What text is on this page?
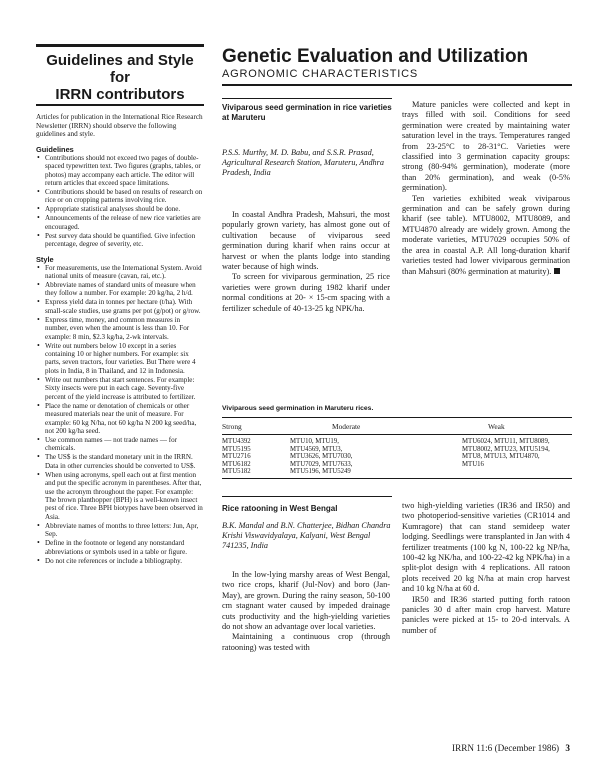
Guidelines and Style
for
IRRN contributors
Articles for publication in the International Rice Research Newsletter (IRRN) should observe the following guidelines and style.
Guidelines
• Contributions should not exceed two pages of double-spaced typewritten text. Two figures (graphs, tables, or photos) may accompany each article. The editor will return articles that exceed space limitations.
• Contributions should be based on results of research on rice or on cropping patterns involving rice.
• Appropriate statistical analyses should be done.
• Announcements of the release of new rice varieties are encouraged.
• Pest survey data should be quantified. Give infection percentage, degree of severity, etc.
Style
• For measurements, use the International System. Avoid national units of measure (cavan, rai, etc.).
• Abbreviate names of standard units of measure when they follow a number. For example: 20 kg/ha, 2 h/d.
• Express yield data in tonnes per hectare (t/ha). With small-scale studies, use grams per pot (g/pot) or g/row.
• Express time, money, and common measures in number, even when the amount is less than 10. For example: 8 min, $2.3 kg/ha, 2-wk intervals.
• Write out numbers below 10 except in a series containing 10 or higher numbers. For example: six parts, seven tractors, four varieties. But There were 4 plots in India, 8 in Thailand, and 12 in Indonesia.
• Write out numbers that start sentences. For example: Sixty insects were put in each cage. Seventy-five percent of the yield increase is attributed to fertilizer.
• Place the name or denotation of chemicals or other measured materials near the unit of measure. For example: 60 kg N/ha, not 60 kg/ha N 200 kg seed/ha, not 200 kg/ha seed.
• Use common names — not trade names — for chemicals.
• The US$ is the standard monetary unit in the IRRN. Data in other currencies should be converted to US$.
• When using acronyms, spell each out at first mention and put the specific acronym in parentheses. After that, use the acronym throughout the paper. For example: The brown planthopper (BPH) is a well-known insect pest of rice. Three BPH biotypes have been observed in Asia.
• Abbreviate names of months to three letters: Jun, Apr, Sep.
• Define in the footnote or legend any nonstandard abbreviations or symbols used in a table or figure.
• Do not cite references or include a bibliography.
Genetic Evaluation and Utilization
AGRONOMIC CHARACTERISTICS
Viviparous seed germination in rice varieties at Maruteru
P.S.S. Murthy, M. D. Babu, and S.S.R. Prasad, Agricultural Research Station, Maruteru, Andhra Pradesh, India

In coastal Andhra Pradesh, Mahsuri, the most popularly grown variety, has almost gone out of cultivation because of viviparous seed germination during kharif when rains occur at harvest or when the plants lodge into standing water because of high winds.

To screen for viviparous germination, 25 rice varieties were grown during 1982 kharif under normal conditions at 20- × 15-cm spacing with a fertilizer schedule of 40-13-25 kg NPK/ha.

Mature panicles were collected and kept in trays filled with soil. Conditions for seed germination were created by maintaining water saturation level in the trays. Temperatures ranged from 23-25°C to 28-31°C. Varieties were classified into 3 germination capacity groups: strong (80-94% germination), moderate (more than 20% germination), and weak (0-5% germination).

Ten varieties exhibited weak viviparous germination and can be safely grown during kharif (see table). MTU8002, MTU8089, and MTU4870 already are widely grown. Among the moderate varieties, MTU7029 occupies 50% of the area in coastal A.P. All long-duration kharif varieties tested had lower viviparous germination than Mahsuri (80% germination at maturity).

Viviparous seed germination in Maruteru rices.
Strong	Moderate	Weak
MTU4392
MTU5195
MTU2716
MTU6182
MTU5182
MTU10, MTU19,
MTU4569, MTU3,
MTU3626, MTU7030,
MTU7029, MTU7633,
MTU5196, MTU5249
MTU6024, MTU11, MTU8089,
MTU8002, MTU23, MTU5194,
MTU8, MTU13, MTU4870,
MTU16
Rice ratooning in West Bengal
B.K. Mandal and B.N. Chatterjee, Bidhan Chandra Krishi Viswavidyalaya, Kalyani, West Bengal 741235, India

In the low-lying marshy areas of West Bengal, two rice crops, kharif (Jul-Nov) and boro (Jan-May), are grown. During the rainy season, 50-100 cm stagnant water caused by impeded drainage cuts productivity and the high-yielding varieties do not show an advantage over local varieties.

Maintaining a continuous crop (through ratooning) was tested with

two high-yielding varieties (IR36 and IR50) and two photoperiod-sensitive varieties (CR1014 and Kumragore) that can stand semideep water lodging. Seedlings were transplanted in Jan with 4 fertilizer treatments (100 kg N, 100-22 kg NP/ha, 100-42 kg NK/ha, and 100-22-42 kg NPK/ha) in a split-plot design with 4 replications. All ratoon plots received 20 kg N/ha at main crop harvest and 10 kg N/ha at 60 d.

IR50 and IR36 started putting forth ratoon panicles 30 d after main crop harvest. Mature panicles were picked at 15- to 20-d intervals. A number of

IRRN 11:6 (December 1986) 3
